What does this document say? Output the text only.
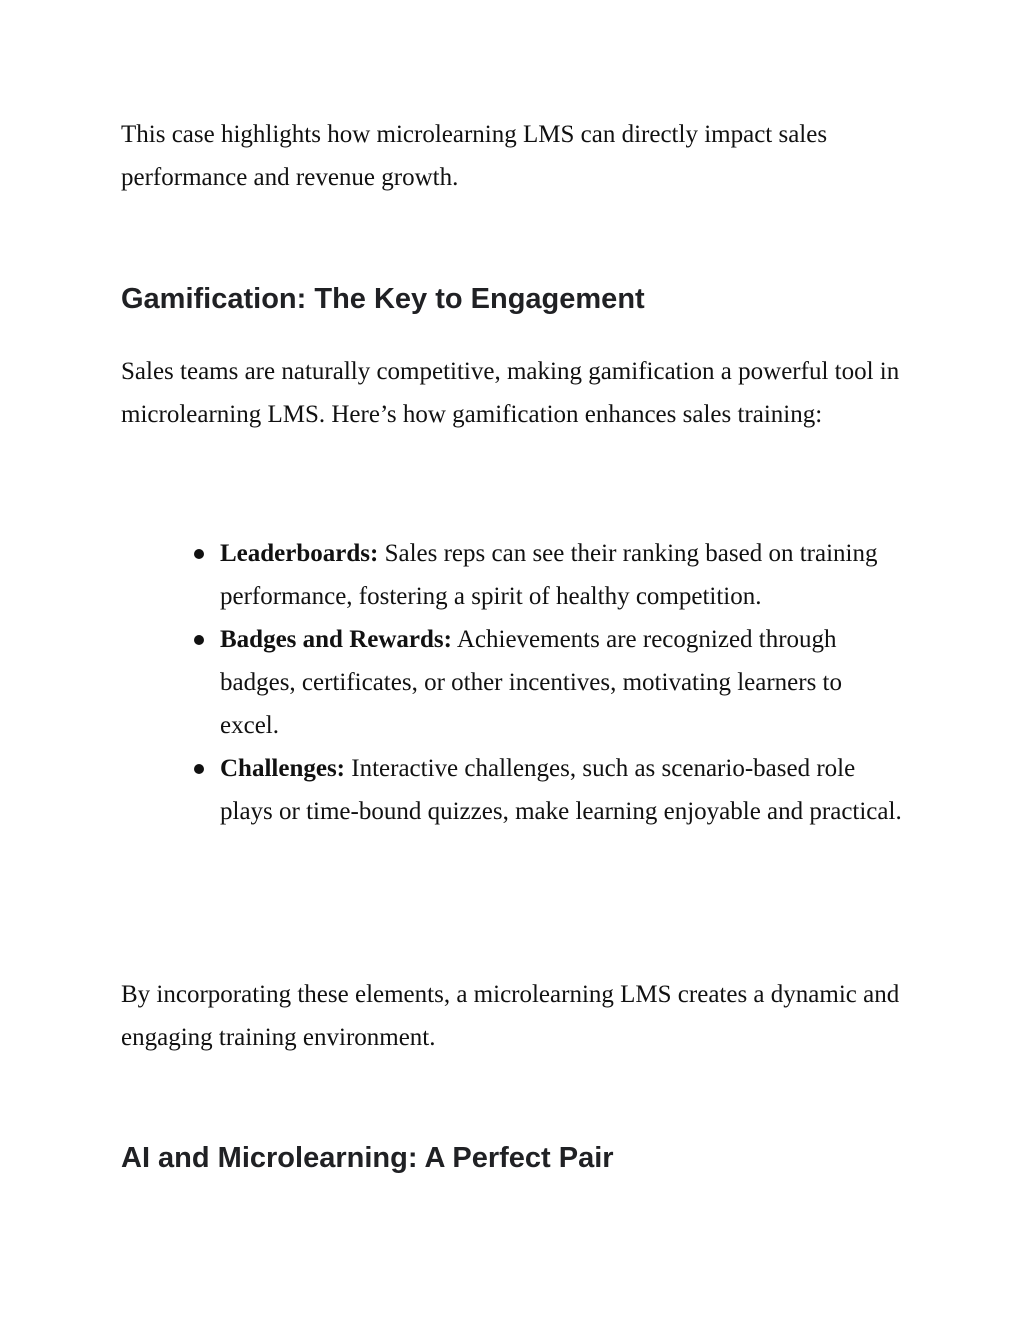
This case highlights how microlearning LMS can directly impact sales performance and revenue growth.

Gamification: The Key to Engagement

Sales teams are naturally competitive, making gamification a powerful tool in microlearning LMS. Here’s how gamification enhances sales training:

Leaderboards: Sales reps can see their ranking based on training performance, fostering a spirit of healthy competition.
Badges and Rewards: Achievements are recognized through badges, certificates, or other incentives, motivating learners to excel.
Challenges: Interactive challenges, such as scenario-based role plays or time-bound quizzes, make learning enjoyable and practical.

By incorporating these elements, a microlearning LMS creates a dynamic and engaging training environment.

AI and Microlearning: A Perfect Pair
